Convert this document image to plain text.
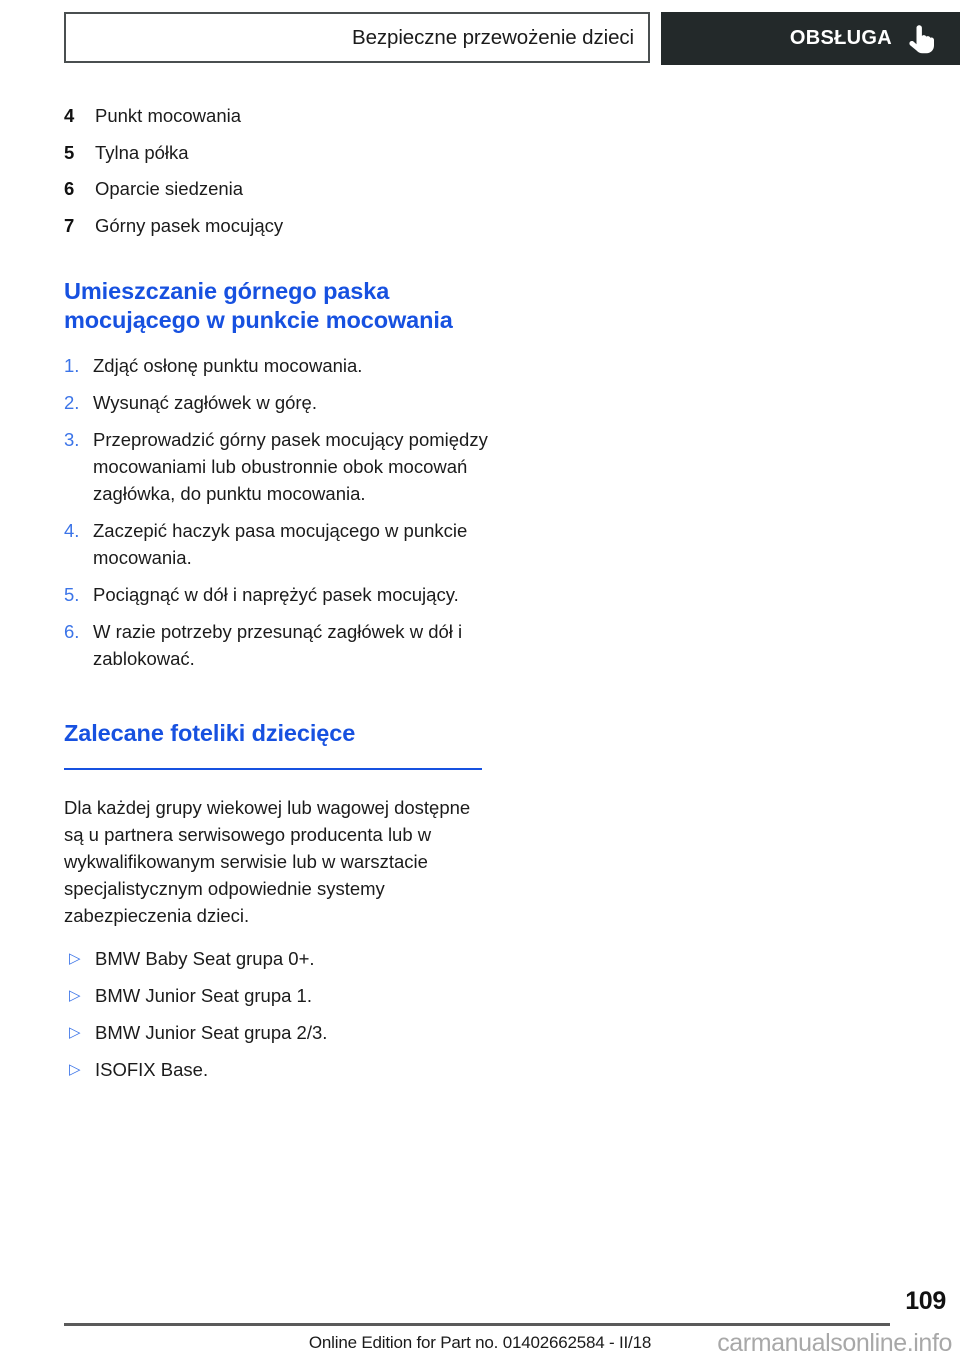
Bezpieczne przewożenie dzieci	OBSŁUGA
4	Punkt mocowania
5	Tylna półka
6	Oparcie siedzenia
7	Górny pasek mocujący
Umieszczanie górnego paska mocującego w punkcie mocowania
1. Zdjąć osłonę punktu mocowania.
2. Wysunąć zagłówek w górę.
3. Przeprowadzić górny pasek mocujący pomiędzy mocowaniami lub obustronnie obok mocowań zagłówka, do punktu mocowania.
4. Zaczepić haczyk pasa mocującego w punkcie mocowania.
5. Pociągnąć w dół i naprężyć pasek mocujący.
6. W razie potrzeby przesunąć zagłówek w dół i zablokować.
Zalecane foteliki dziecięce

Dla każdej grupy wiekowej lub wagowej dostępne są u partnera serwisowego producenta lub w wykwalifikowanym serwisie lub w warsztacie specjalistycznym odpowiednie systemy zabezpieczenia dzieci.

▷ BMW Baby Seat grupa 0+.
▷ BMW Junior Seat grupa 1.
▷ BMW Junior Seat grupa 2/3.
▷ ISOFIX Base.
109
Online Edition for Part no. 01402662584 - II/18	carmanualsonline.info
